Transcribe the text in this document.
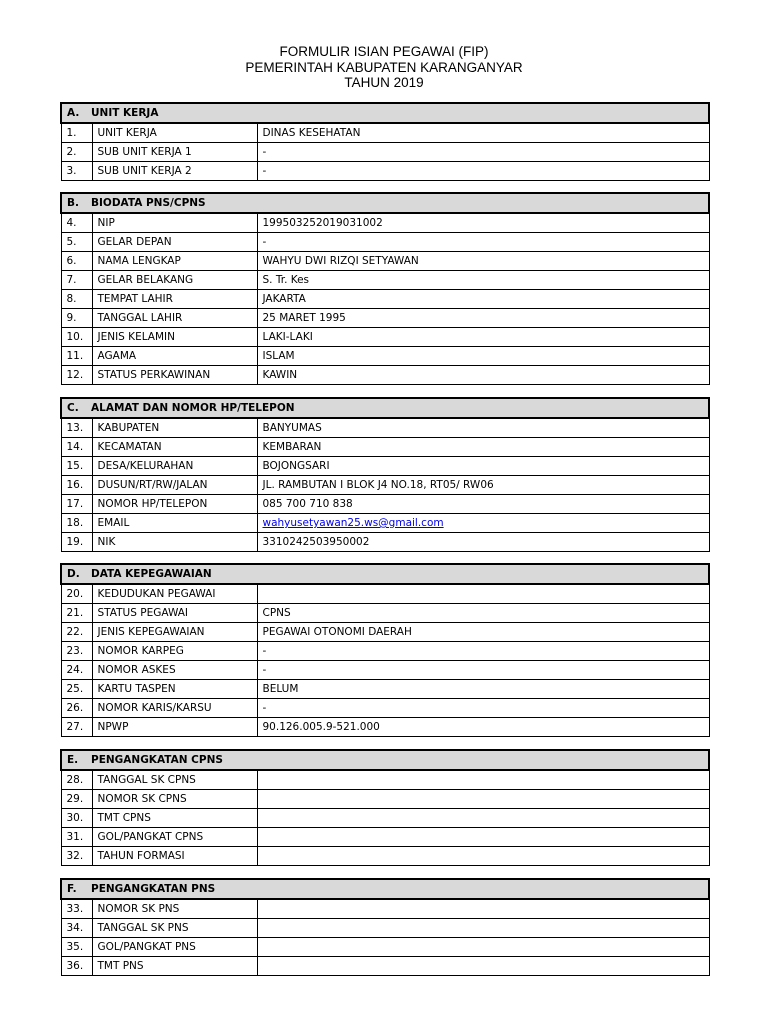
FORMULIR ISIAN PEGAWAI (FIP)
PEMERINTAH KABUPATEN KARANGANYAR
TAHUN 2019
A. UNIT KERJA		
1.	UNIT KERJA	DINAS KESEHATAN
2.	SUB UNIT KERJA 1	-
3.	SUB UNIT KERJA 2	-
B. BIODATA PNS/CPNS		
4.	NIP	199503252019031002
5.	GELAR DEPAN	-
6.	NAMA LENGKAP	WAHYU DWI RIZQI SETYAWAN
7.	GELAR BELAKANG	S. Tr. Kes
8.	TEMPAT LAHIR	JAKARTA
9.	TANGGAL LAHIR	25 MARET 1995
10.	JENIS KELAMIN	LAKI-LAKI
11.	AGAMA	ISLAM
12.	STATUS PERKAWINAN	KAWIN
C. ALAMAT DAN NOMOR HP/TELEPON		
13.	KABUPATEN	BANYUMAS
14.	KECAMATAN	KEMBARAN
15.	DESA/KELURAHAN	BOJONGSARI
16.	DUSUN/RT/RW/JALAN	JL. RAMBUTAN I BLOK J4 NO.18, RT05/ RW06
17.	NOMOR HP/TELEPON	085 700 710 838
18.	EMAIL	wahyusetyawan25.ws@gmail.com
19.	NIK	3310242503950002
D. DATA KEPEGAWAIAN		
20.	KEDUDUKAN PEGAWAI	
21.	STATUS PEGAWAI	CPNS
22.	JENIS KEPEGAWAIAN	PEGAWAI OTONOMI DAERAH
23.	NOMOR KARPEG	-
24.	NOMOR ASKES	-
25.	KARTU TASPEN	BELUM
26.	NOMOR KARIS/KARSU	-
27.	NPWP	90.126.005.9-521.000
E. PENGANGKATAN CPNS		
28.	TANGGAL SK CPNS	
29.	NOMOR SK CPNS	
30.	TMT CPNS	
31.	GOL/PANGKAT CPNS	
32.	TAHUN FORMASI	
F. PENGANGKATAN PNS		
33.	NOMOR SK PNS	
34.	TANGGAL SK PNS	
35.	GOL/PANGKAT PNS	
36.	TMT PNS	
